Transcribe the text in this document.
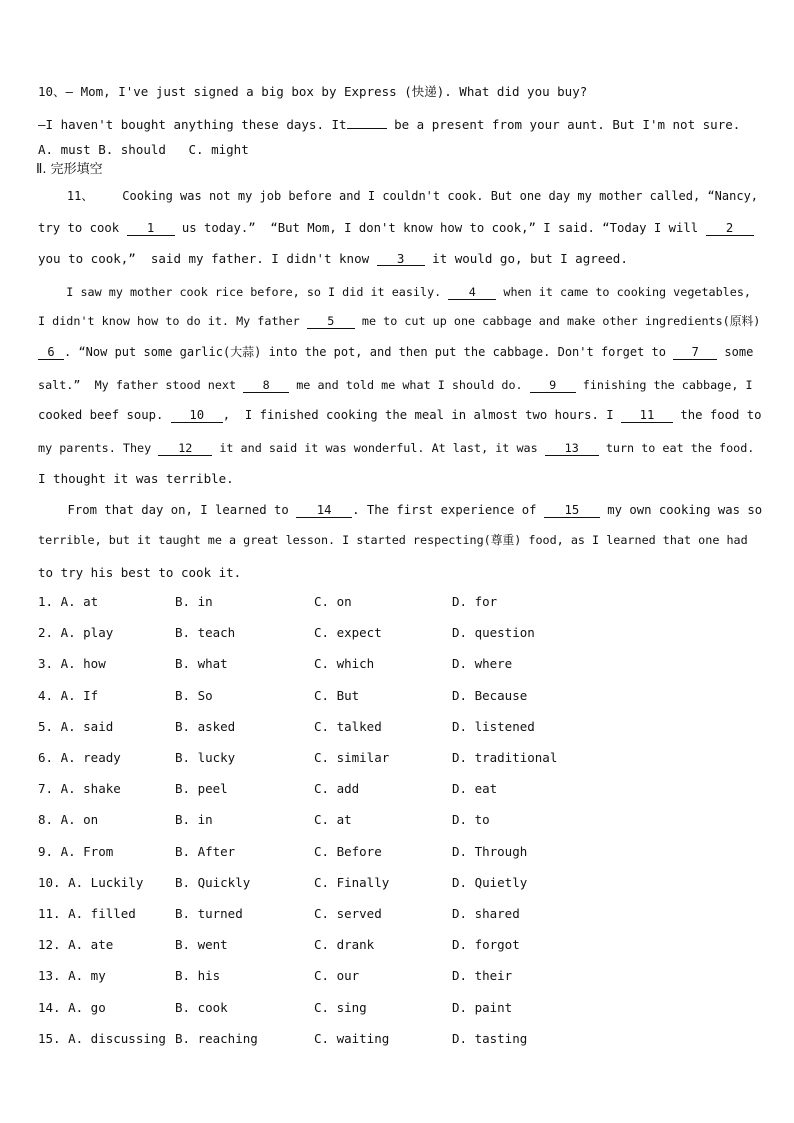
10、— Mom, I've just signed a big box by Express (快递). What did you buy?
—I haven't bought anything these days. It	be a present from your aunt. But I'm not sure.
A. must B. should   C. might
Ⅱ. 完形填空
11、    Cooking was not my job before and I couldn't cook. But one day my mother called, “Nancy,
try to cook 1 us today.”  “But Mom, I don't know how to cook,” I said. “Today I will 2
you to cook,”  said my father. I didn't know 3 it would go, but I agreed.
I saw my mother cook rice before, so I did it easily. 4 when it came to cooking vegetables,
I didn't know how to do it. My father 5 me to cut up one cabbage and make other ingredients(原料)
6 . “Now put some garlic(大蒜) into the pot, and then put the cabbage. Don't forget to 7 some
salt.”  My father stood next 8 me and told me what I should do. 9 finishing the cabbage, I
cooked beef soup. 10 ,  I finished cooking the meal in almost two hours. I 11 the food to
my parents. They 12 it and said it was wonderful. At last, it was 13 turn to eat the food.
I thought it was terrible.
From that day on, I learned to 14 . The first experience of 15 my own cooking was so
terrible, but it taught me a great lesson. I started respecting(尊重) food, as I learned that one had
to try his best to cook it.
1. A. at	B. in	C. on	D. for
2. A. play	B. teach	C. expect	D. question
3. A. how	B. what	C. which	D. where
4. A. If	B. So	C. But	D. Because
5. A. said	B. asked	C. talked	D. listened
6. A. ready	B. lucky	C. similar	D. traditional
7. A. shake	B. peel	C. add	D. eat
8. A. on	B. in	C. at	D. to
9. A. From	B. After	C. Before	D. Through
10. A. Luckily	B. Quickly	C. Finally	D. Quietly
11. A. filled	B. turned	C. served	D. shared
12. A. ate	B. went	C. drank	D. forgot
13. A. my	B. his	C. our	D. their
14. A. go	B. cook	C. sing	D. paint
15. A. discussing B. reaching	C. waiting	D. tasting
